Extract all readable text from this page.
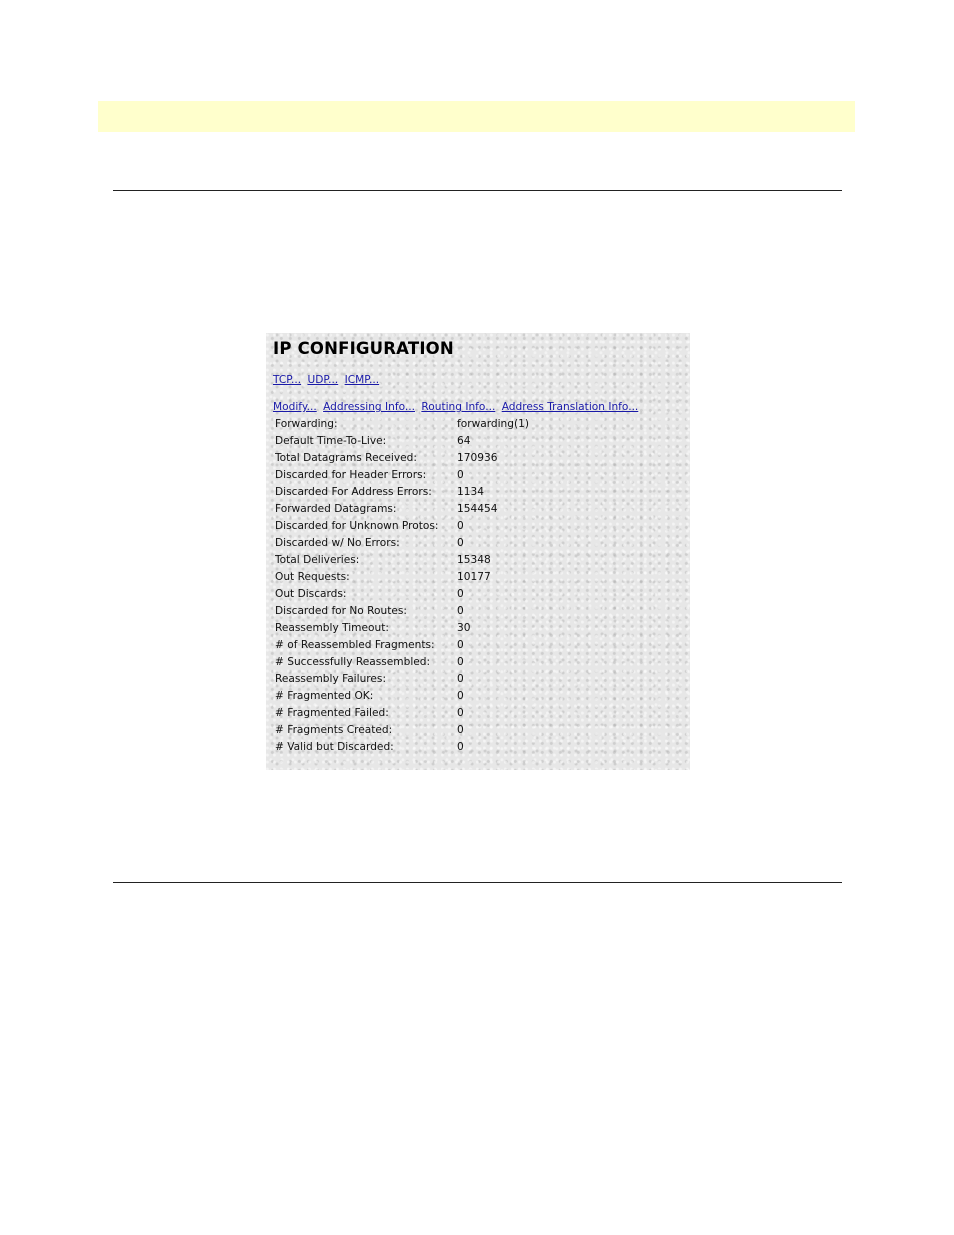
IP CONFIGURATION
TCP... UDP... ICMP...
Modify... Addressing Info... Routing Info... Address Translation Info...
Forwarding:	forwarding(1)
Default Time-To-Live:	64
Total Datagrams Received:	170936
Discarded for Header Errors:	0
Discarded For Address Errors:	1134
Forwarded Datagrams:	154454
Discarded for Unknown Protos:	0
Discarded w/ No Errors:	0
Total Deliveries:	15348
Out Requests:	10177
Out Discards:	0
Discarded for No Routes:	0
Reassembly Timeout:	30
# of Reassembled Fragments:	0
# Successfully Reassembled:	0
Reassembly Failures:	0
# Fragmented OK:	0
# Fragmented Failed:	0
# Fragments Created:	0
# Valid but Discarded:	0
